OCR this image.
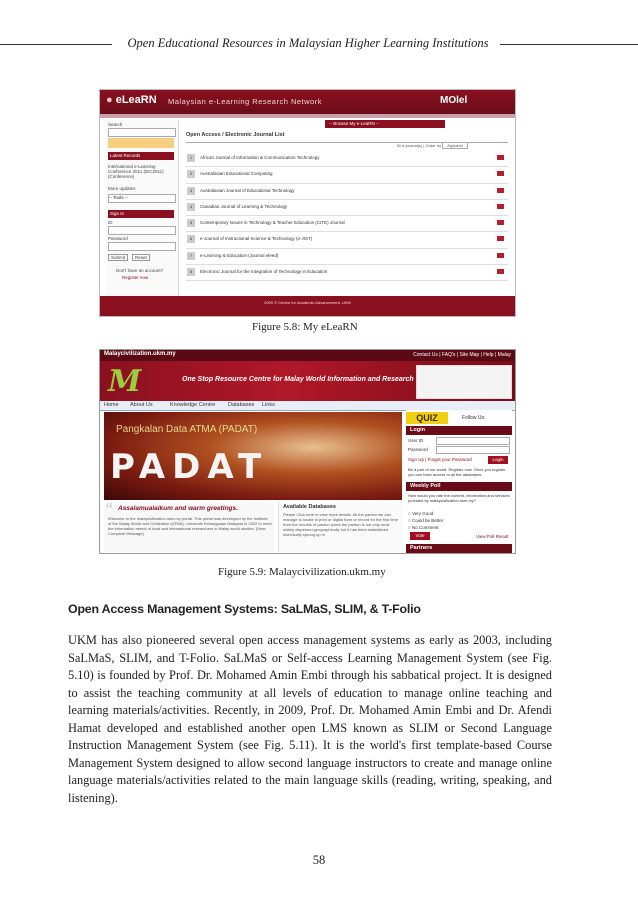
Open Educational Resources in Malaysian Higher Learning Institutions
● eLeaRN Malaysian e-Learning Research Network	MOlel
Search
Latest Records
International e-Learning Conference 2011 (IEC2011) (Conference)
More updates
-- Tools --
Sign In
ID
Password
Submit	Reset
Don't have an account?
Register now
-- Browse My e-LeaRN --
Open Access / Electronic Journal List
30 e-journal(s) | Order by Alphabet
1	African Journal of Information & Communication Technology
2	Australasian Educational Computing
3	Australasian Journal of Educational Technology
4	Canadian Journal of Learning & Technology
5	Contemporary Issues in Technology & Teacher Education (CITE) Journal
6	e-Journal of Instructional Science & Technology (e-JIST)
7	e-Learning & Education (Journal eleed)
8	Electronic Journal for the Integration of Technology in Education
2009 © Centre for Academic Advancement, UKM
Figure 5.8: My eLeaRN
Malaycivilization.ukm.my	Contact Us | FAQ's | Site Map | Help | Malay
M	One Stop Resource Centre for Malay World Information and Research
Home About Us	Knowledge Centre Databases Links
Pangkalan Data ATMA (PADAT)
PADAT
QUIZ	Follow Us:
Login
User ID
Password
Sign Up | Forgot your Password	Login
Be a part of our world. Register now. Once you register you can have access to all the databases.
Weekly Poll
How would you rate the content, information and services provided by malaycivilization.ukm.my?
○ Very Good
○ Could be Better
○ No Comment
Vote	View Poll Result
Partners
“ Assalamualaikum and warm greetings.
Welcome to the malaycivilization.ukm.my portal. This portal was developed by the Institute of the Malay World and Civilization (ATMA), Universiti Kebangsaan Malaysia in 2002 to meet the information needs of local and international researchers in Malay world studies. [View Complete Message]
Available Databases
Please Click here to view more details. All the pantun we can manage to locate in print or digital form or record for the first time from the mouths of pantun poets the pantun is not only most widely dispersed geographically but it has been established historically sprung up in
Figure 5.9: Malaycivilization.ukm.my
Open Access Management Systems: SaLMaS, SLIM, & T-Folio
UKM has also pioneered several open access management systems as early as 2003, including
SaLMaS, SLIM, and T-Folio. SaLMaS or Self-access Learning Management System (see Fig.
5.10) is founded by Prof. Dr. Mohamed Amin Embi through his sabbatical project. It is designed
to assist the teaching community at all levels of education to manage online teaching and
learning materials/activities. Recently, in 2009, Prof. Dr. Mohamed Amin Embi and Dr. Afendi
Hamat developed and established another open LMS known as SLIM or Second Language
Instruction Management System (see Fig. 5.11). It is the world's first template-based Course
Management System designed to allow second language instructors to create and manage online
language materials/activities related to the main language skills (reading, writing, speaking, and
listening).
58
